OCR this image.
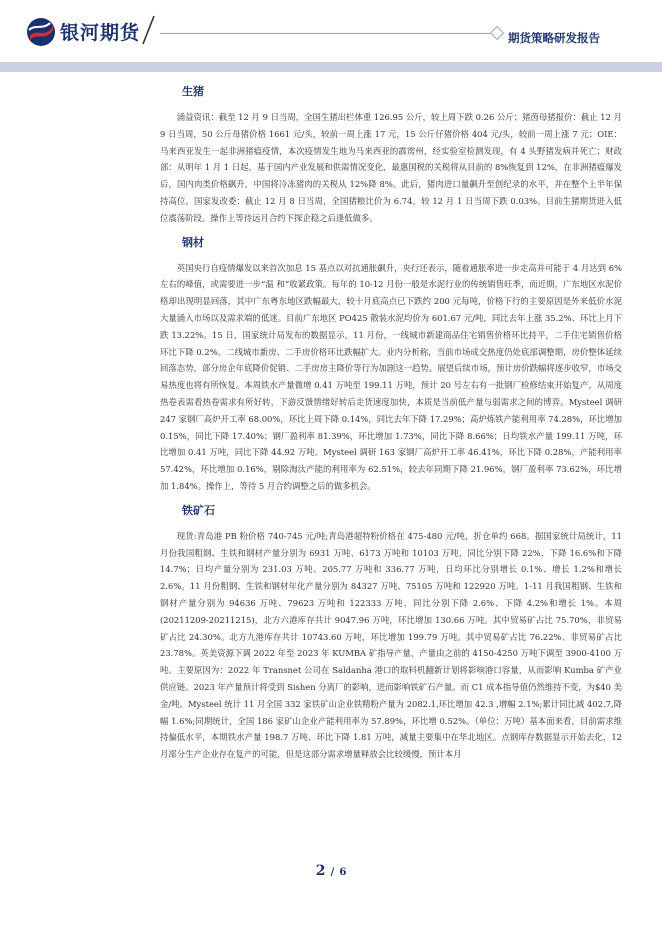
银河期货	期货策略研发报告
生猪
涌益资讯：截至 12 月 9 日当周，全国生猪出栏体重 126.95 公斤，较上周下跌 0.26 公斤；猪茵母猪报价：截止 12 月 9 日当周，50 公斤母猪价格 1661 元/头，较前一周上涨 17 元，15 公斤仔猪价格 404 元/头，较前一周上涨 7 元；OIE：马来西亚发生一起非洲猪瘟疫情，本次疫情发生地为马来西亚的霹雳州，经实验室检测发现，有 4 头野猪发病并死亡；财政部：从明年 1 月 1 日起，基于国内产业发展和供需情况变化，最惠国税的关税将从目前的 8%恢复到 12%，在非洲猪瘟爆发后，国内肉类价格飙升，中国将冷冻猪肉的关税从 12%降 8%。此后，猪肉进口量飙升至创纪录的水平，并在整个上半年保持高位。国家发改委：截止 12 月 8 日当周，全国猪粮比价为 6.74，较 12 月 1 日当周下跌 0.03%。目前生猪期货进入低位震荡阶段。操作上等待远月合约下探企稳之后逢低做多。
钢材
英国央行自疫情爆发以来首次加息 15 基点以对抗通胀飙升，央行还表示，随着通胀率进一步走高并可能于 4 月达到 6%左右的峰值，或需要进一步“温 和”收紧政策。每年的 10-12 月份一般是水泥行业的传统销售旺季，而近期，广东地区水泥价格却出现明显回落，其中广东粤东地区跌幅最大，较十月底高点已下跌约 200 元每吨，价格下行的主要原因是外来低价水泥大量涌入市场以及需求端的低迷。目前广东地区 PO425 散装水泥均价为 601.67 元/吨，同比去年上涨 35.2%、环比上月下跌 13.22%。15 日，国家统计局发布的数据显示，11 月份，一线城市新建商品住宅销售价格环比持平，二手住宅销售价格环比下降 0.2%。二线城市新房、二手房价格环比跌幅扩大。业内分析称，当前市场成交热度仍处底部调整期，房价整体延续回落态势，部分房企年底降价促销、二手房房主降价等行为加剧这一趋势。展望后续市场，预计房价跌幅将逐步收窄，市场交易热度也将有所恢复。本周铁水产量微增 0.41 万吨至 199.11 万吨，预计 20 号左右有一批钢厂检修结束开始复产。从周度热卷表需看热卷需求有所好转，下游反馈情绪好转后走货速度加快，本质是当前低产量与弱需求之间的博弈。Mysteel 调研 247 家钢厂高炉开工率 68.00%，环比上周下降 0.14%，同比去年下降 17.29%；高炉炼铁产能利用率 74.28%，环比增加 0.15%，同比下降 17.40%；钢厂盈利率 81.39%，环比增加 1.73%，同比下降 8.66%；日均铁水产量 199.11 万吨，环比增加 0.41 万吨，同比下降 44.92 万吨。Mysteel 调研 163 家钢厂高炉开工率 46.41%，环比下降 0.28%，产能利用率 57.42%，环比增加 0.16%，剔除淘汰产能的利用率为 62.51%，较去年同期下降 21.96%，钢厂盈利率 73.62%，环比增加 1.84%。操作上，等待 5 月合约调整之后的做多机会。
铁矿石
现货:青岛港 PB 粉价格 740-745 元/吨;青岛港超特粉价格在 475-480 元/吨，折仓单约 668。据国家统计局统计，11 月份我国粗钢、生铁和钢材产量分别为 6931 万吨、6173 万吨和 10103 万吨，同比分别下降 22%、下降 16.6%和下降 14.7%；日均产量分别为 231.03 万吨、205.77 万吨和 336.77 万吨，日均环比分别增长 0.1%、增长 1.2%和增长 2.6%。11 月份粗钢、生铁和钢材年化产量分别为 84327 万吨、75105 万吨和 122920 万吨。1-11 月我国粗钢、生铁和钢材产量分别为 94636 万吨、79623 万吨和 122333 万吨，同比分别下降 2.6%、下降 4.2%和增长 1%。本周(20211209-20211215)，北方六港库存共计 9047.96 万吨，环比增加 130.66 万吨。其中贸易矿占比 75.70%，非贸易矿占比 24.30%。北方九港库存共计 10743.60 万吨，环比增加 199.79 万吨。其中贸易矿占比 76.22%、非贸易矿占比 23.78%。英美资源下调 2022 年至 2023 年 KUMBA 矿指导产量，产量由之前的 4150-4250 万吨下调至 3900-4100 万吨。主要原因为：2022 年 Transnet 公司在 Saldanha 港口的取料机翻新计划将影响港口容量，从而影响 Kumba 矿产业供应链。2023 年产量预计将受到 Sishen 分离厂的影响，进而影响铁矿石产量。而 C1 成本指导值仍然维持不变，为$40 美金/吨。Mysteel 统计 11 月全国 332 家铁矿山企业铁精粉产量为 2082.1,环比增加 42.3 ,增幅 2.1%;累计同比减 402.7,降幅 1.6%;同期统计，全国 186 家矿山企业产能利用率为 57.89%，环比增 0.52%。（单位：万吨）基本面来看，目前需求维持偏低水平，本期铁水产量 198.7 万吨、环比下降 1.81 万吨，减量主要集中在华北地区。点钢库存数据显示开始去化，12 月部分生产企业存在复产的可能，但是这部分需求增量释放会比较缓慢，预计本月
2 / 6
